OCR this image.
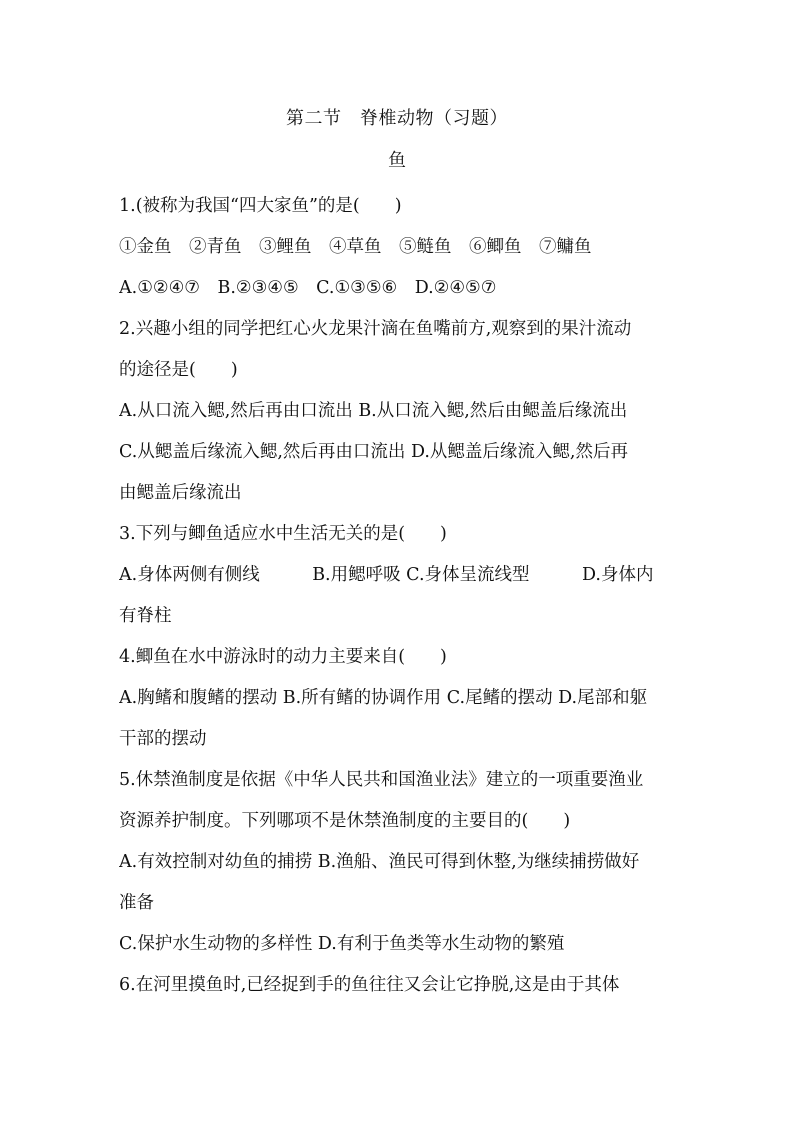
第二节　脊椎动物（习题）
鱼
1.(被称为我国“四大家鱼”的是(　　)
①金鱼　②青鱼　③鲤鱼　④草鱼　⑤鲢鱼　⑥鲫鱼　⑦鳙鱼
A.①②④⑦　B.②③④⑤　C.①③⑤⑥　D.②④⑤⑦
2.兴趣小组的同学把红心火龙果汁滴在鱼嘴前方,观察到的果汁流动
的途径是(　　)
A.从口流入鳃,然后再由口流出 B.从口流入鳃,然后由鳃盖后缘流出
C.从鳃盖后缘流入鳃,然后再由口流出 D.从鳃盖后缘流入鳃,然后再
由鳃盖后缘流出
3.下列与鲫鱼适应水中生活无关的是(　　)
A.身体两侧有侧线　　　B.用鳃呼吸 C.身体呈流线型　　　D.身体内
有脊柱
4.鲫鱼在水中游泳时的动力主要来自(　　)
A.胸鳍和腹鳍的摆动 B.所有鳍的协调作用 C.尾鳍的摆动 D.尾部和躯
干部的摆动
5.休禁渔制度是依据《中华人民共和国渔业法》建立的一项重要渔业
资源养护制度。下列哪项不是休禁渔制度的主要目的(　　)
A.有效控制对幼鱼的捕捞 B.渔船、渔民可得到休整,为继续捕捞做好
准备
C.保护水生动物的多样性 D.有利于鱼类等水生动物的繁殖
6.在河里摸鱼时,已经捉到手的鱼往往又会让它挣脱,这是由于其体
